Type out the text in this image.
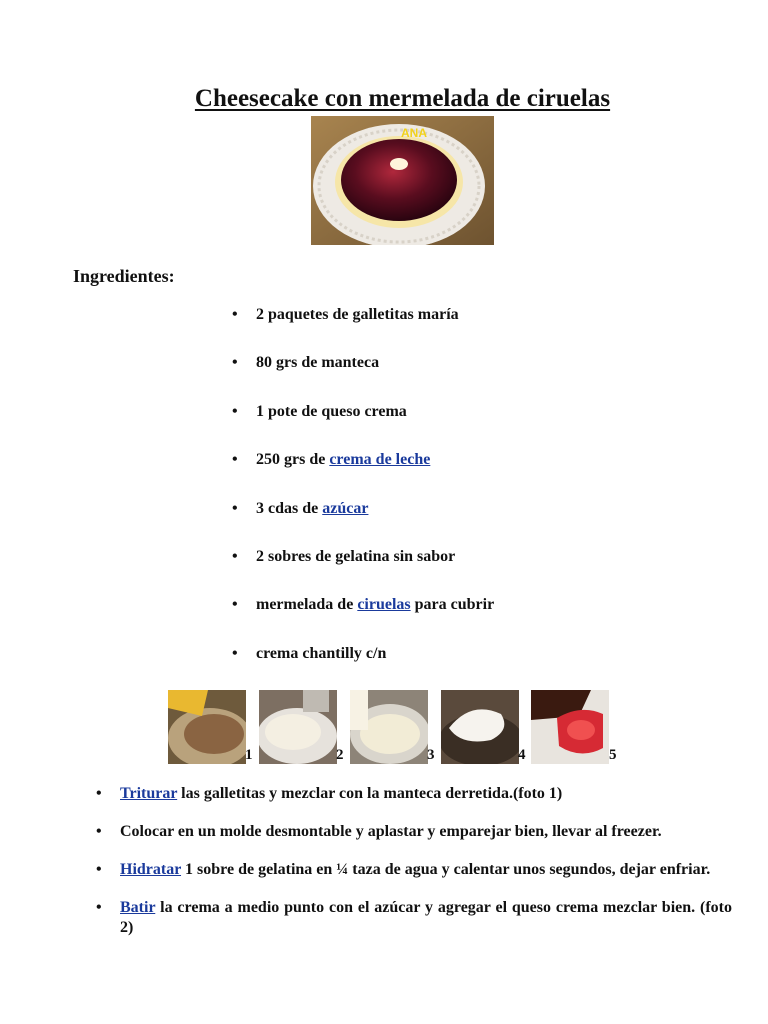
Cheesecake con mermelada de ciruelas
ANA
Ingredientes:
• 2 paquetes de galletitas maría
• 80 grs de manteca
• 1 pote de queso crema
• 250 grs de crema de leche
• 3 cdas de azúcar
• 2 sobres de gelatina sin sabor
• mermelada de ciruelas para cubrir
• crema chantilly c/n
1	2	3	4	5
• Triturar las galletitas y mezclar con la manteca derretida.(foto 1)
• Colocar en un molde desmontable y aplastar y emparejar bien, llevar al freezer.
• Hidratar 1 sobre de gelatina en ¼ taza de agua y calentar unos segundos, dejar enfriar.
• Batir la crema a medio punto con el azúcar y agregar el queso crema mezclar bien. (foto 2)
